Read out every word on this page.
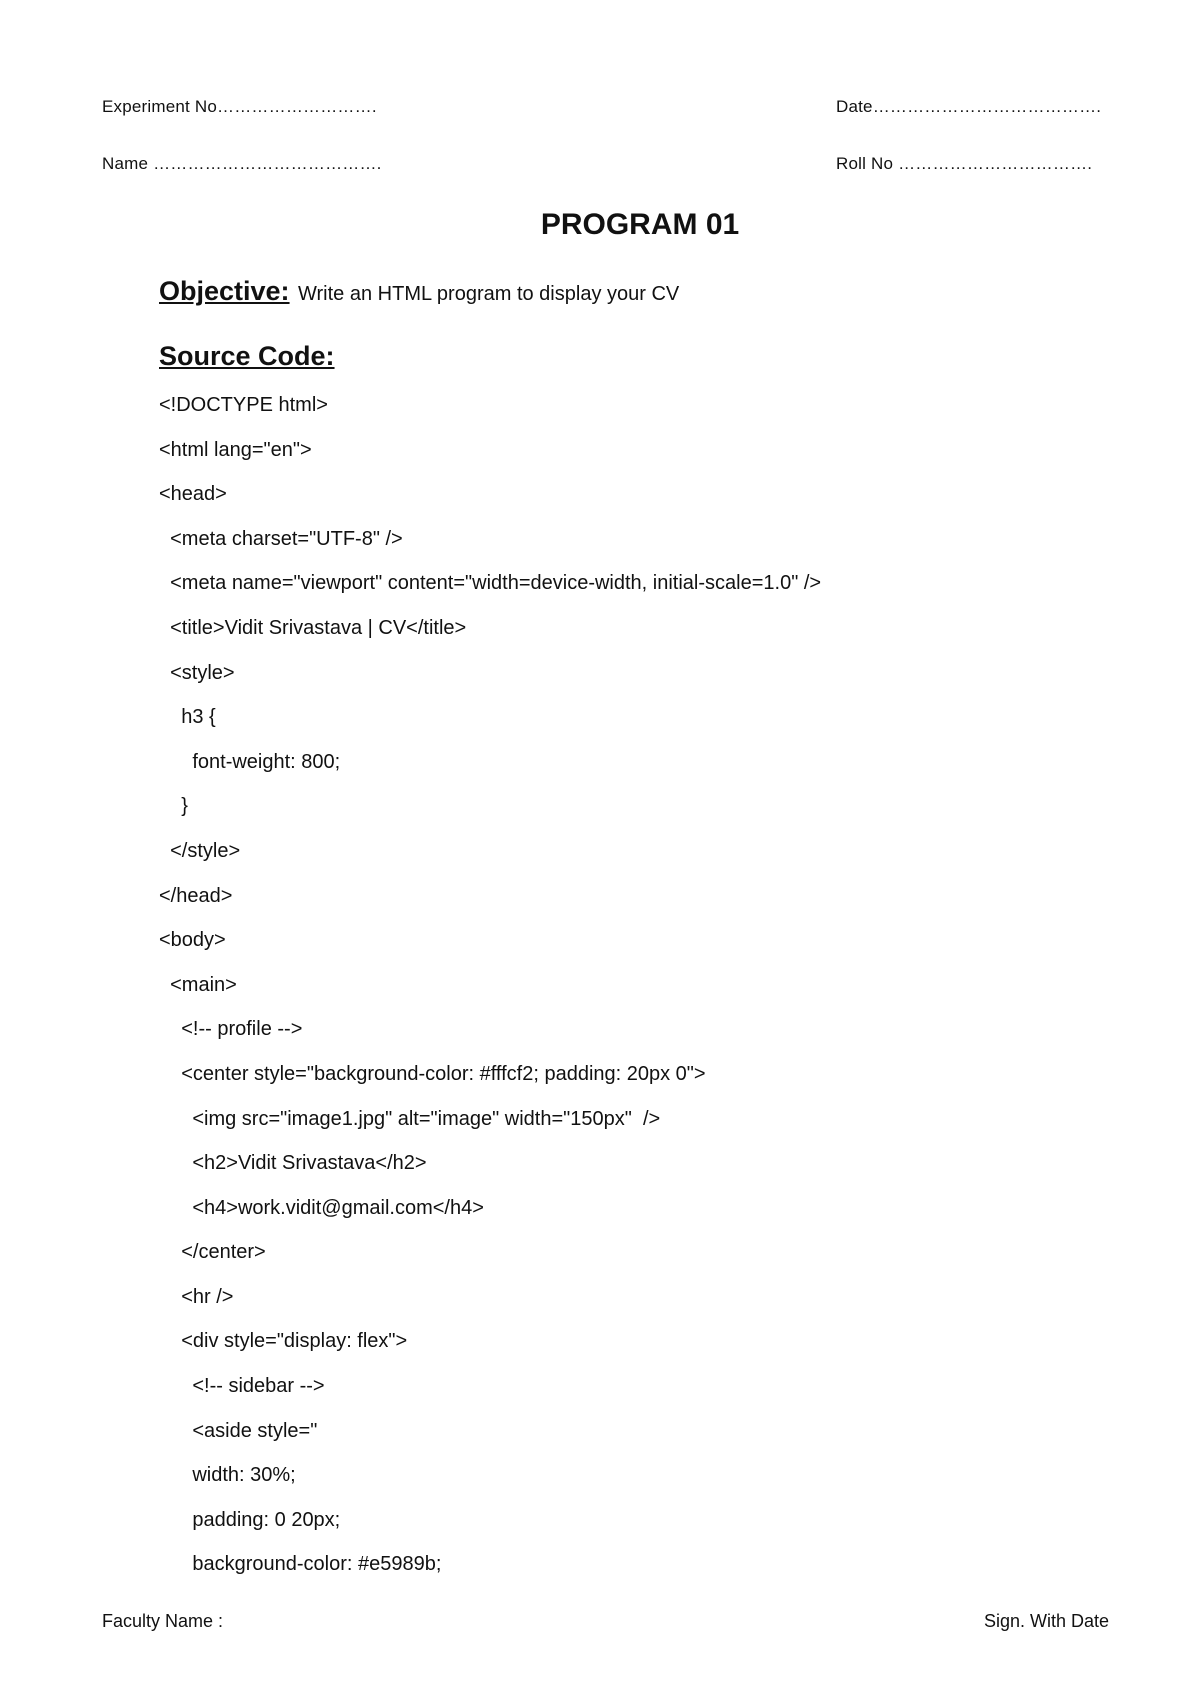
Experiment No……………………….	Date………………………………….
Name ………………………………….	Roll No …………………………….
PROGRAM 01
Objective: Write an HTML program to display your CV
Source Code:
<!DOCTYPE html>
<html lang="en">
<head>
<meta charset="UTF-8" />
<meta name="viewport" content="width=device-width, initial-scale=1.0" />
<title>Vidit Srivastava | CV</title>
<style>
h3 {
font-weight: 800;
}
</style>
</head>
<body>
<main>
<!-- profile -->
<center style="background-color: #fffcf2; padding: 20px 0">
<img src="image1.jpg" alt="image" width="150px"  />
<h2>Vidit Srivastava</h2>
<h4>work.vidit@gmail.com</h4>
</center>
<hr />
<div style="display: flex">
<!-- sidebar -->
<aside style="
width: 30%;
padding: 0 20px;
background-color: #e5989b;
Faculty Name :	Sign. With Date
